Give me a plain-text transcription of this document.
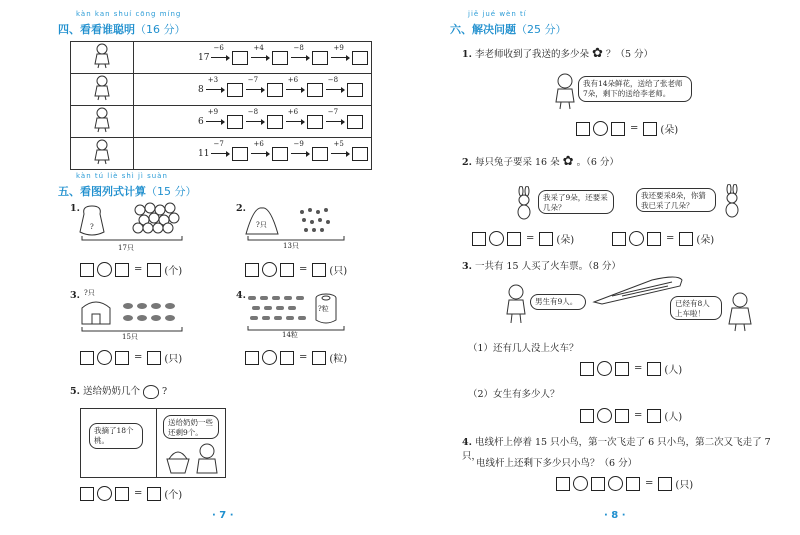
kàn kan shuí cōng míng
四、看看谁聪明（16 分）

17
−6 +4 −8 +9

8
+3 −7 +6 −8

6
+9 −8 +6 −7

11
−7 +6 −9 +5
kàn tú liè shì jì suàn
五、看图列式计算（15 分）
1.
?
17只
= (个)
2.
?只
13只
= (只)
3. ?只
15只
= (只)
4.
?粒
14粒
= (粒)
5. 送给奶奶几个 ?
我摘了18个桃。
送给奶奶一些还剩9个。
= (个)
· 7 ·
jiě jué wèn tí
六、解决问题（25 分）
1. 李老师收到了我送的多少朵 ✿ ？（5 分）
我有14朵鲜花，送给了张老师7朵，剩下的送给李老师。
= (朵)
2. 每只兔子要采 16 朵 ✿ 。（6 分）
我采了9朵，还要采几朵？
我还要采8朵，你猜我已采了几朵？
= (朵)	= (朵)
3. 一共有 15 人买了火车票。（8 分）
男生有9人。	已经有8人上车啦！
（1）还有几人没上火车？
= (人)
（2）女生有多少人？
= (人)
4. 电线杆上停着 15 只小鸟，第一次飞走了 6 只小鸟，第二次又飞走了 7 只，
电线杆上还剩下多少只小鸟？（6 分）
= (只)
· 8 ·
